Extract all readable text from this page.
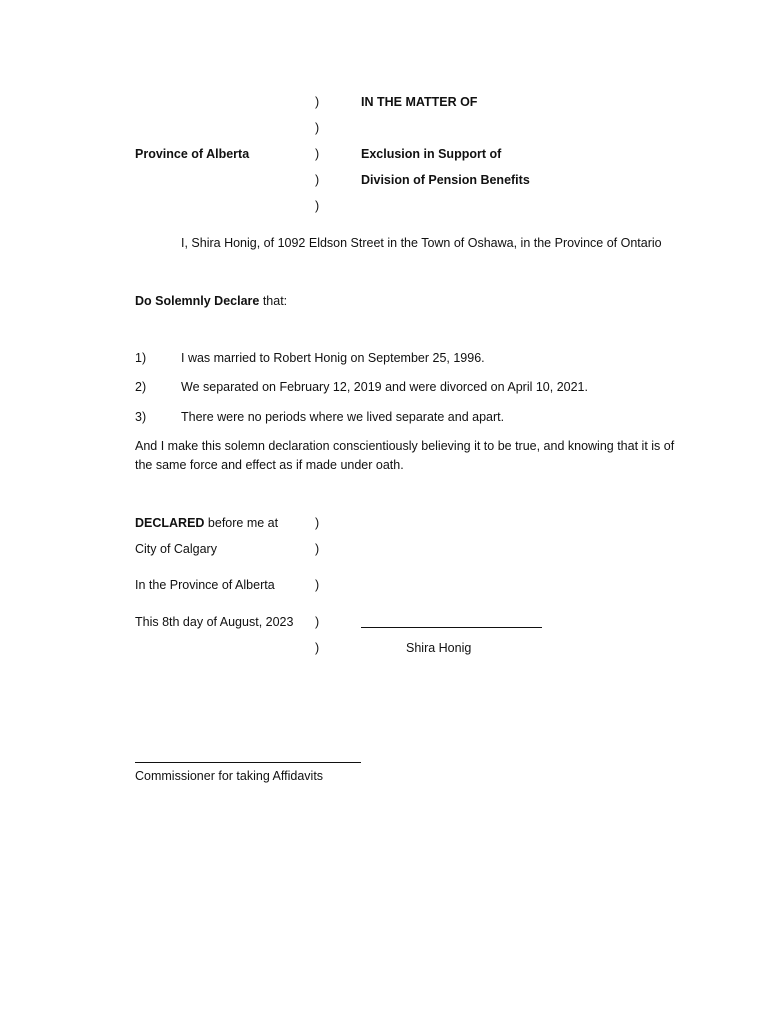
)	IN THE MATTER OF
)
Province of Alberta	)	Exclusion in Support of
)	Division of Pension Benefits
)
I, Shira Honig, of 1092 Eldson Street in the Town of Oshawa, in the Province of Ontario
Do Solemnly Declare that:
1)	I was married to Robert Honig on September 25, 1996.
2)	We separated on February 12, 2019 and were divorced on April 10, 2021.
3)	There were no periods where we lived separate and apart.
And I make this solemn declaration conscientiously believing it to be true, and knowing that it is of the same force and effect as if made under oath.
DECLARED before me at	)
City of Calgary	)
In the Province of Alberta	)
This 8th day of August, 2023 )
)	Shira Honig
Commissioner for taking Affidavits
